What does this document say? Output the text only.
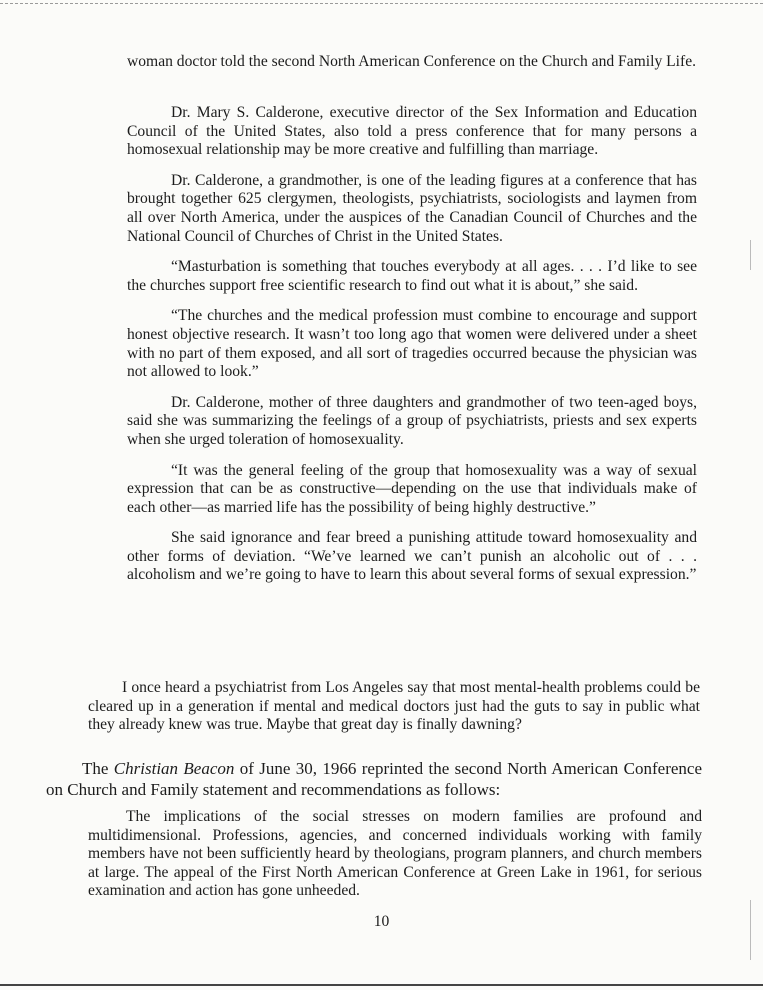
woman doctor told the second North American Conference on the Church and Family Life.

Dr. Mary S. Calderone, executive director of the Sex Information and Education Council of the United States, also told a press conference that for many persons a homosexual relationship may be more creative and fulfilling than marriage.

Dr. Calderone, a grandmother, is one of the leading figures at a conference that has brought together 625 clergymen, theologists, psychiatrists, sociologists and laymen from all over North America, under the auspices of the Canadian Council of Churches and the National Council of Churches of Christ in the United States.

“Masturbation is something that touches everybody at all ages. . . . I’d like to see the churches support free scientific research to find out what it is about,” she said.

“The churches and the medical profession must combine to encourage and support honest objective research. It wasn’t too long ago that women were delivered under a sheet with no part of them exposed, and all sort of tragedies occurred because the physician was not allowed to look.”

Dr. Calderone, mother of three daughters and grandmother of two teen-aged boys, said she was summarizing the feelings of a group of psychiatrists, priests and sex experts when she urged toleration of homosexuality.

“It was the general feeling of the group that homosexuality was a way of sexual expression that can be as constructive—depending on the use that individuals make of each other—as married life has the possibility of being highly destructive.”

She said ignorance and fear breed a punishing attitude toward homosexuality and other forms of deviation. “We’ve learned we can’t punish an alcoholic out of . . . alcoholism and we’re going to have to learn this about several forms of sexual expression.”

I once heard a psychiatrist from Los Angeles say that most mental-health problems could be cleared up in a generation if mental and medical doctors just had the guts to say in public what they already knew was true. Maybe that great day is finally dawning?

The Christian Beacon of June 30, 1966 reprinted the second North American Conference on Church and Family statement and recommendations as follows:

The implications of the social stresses on modern families are profound and multidimensional. Professions, agencies, and concerned individuals working with family members have not been sufficiently heard by theologians, program planners, and church members at large. The appeal of the First North American Conference at Green Lake in 1961, for serious examination and action has gone unheeded.

10
